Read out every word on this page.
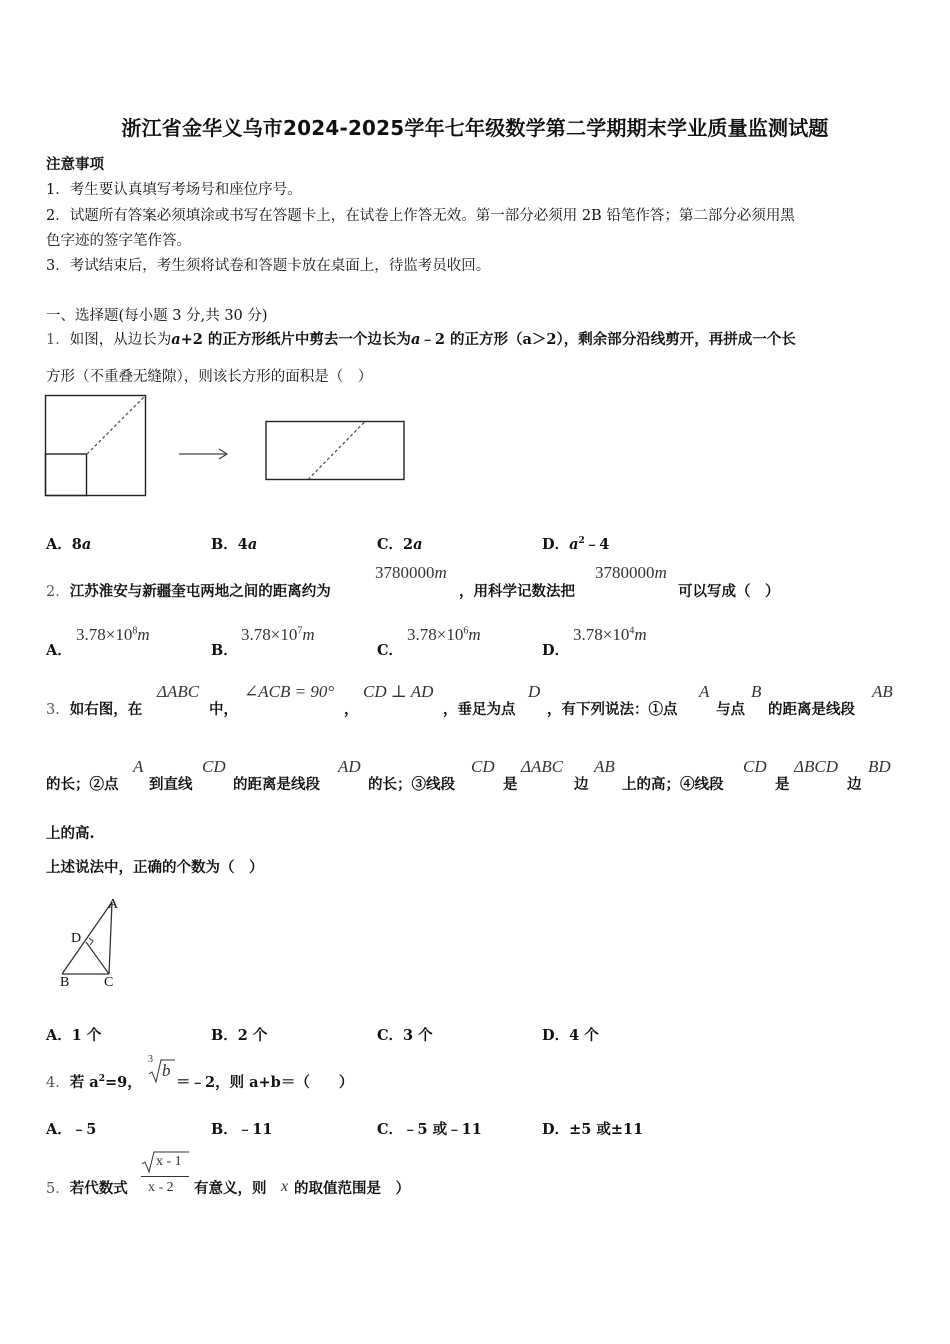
浙江省金华义乌市2024-2025学年七年级数学第二学期期末学业质量监测试题
注意事项
1．考生要认真填写考场号和座位序号。
2．试题所有答案必须填涂或书写在答题卡上，在试卷上作答无效。第一部分必须用 2B 铅笔作答；第二部分必须用黑
色字迹的签字笔作答。
3．考试结束后，考生须将试卷和答题卡放在桌面上，待监考员收回。
一、选择题(每小题 3 分,共 30 分)
1．如图，从边长为a+2 的正方形纸片中剪去一个边长为a﹣2 的正方形（a＞2），剩余部分沿线剪开，再拼成一个长
方形（不重叠无缝隙），则该长方形的面积是（　）
A．8a	B．4a	C．2a	D．$a^2﹣4$
2．江苏淮安与新疆奎屯两地之间的距离约为
3780000m
，用科学记数法把
3780000m
可以写成（　）
A．
$3.78\times 10^8m$
B．
$3.78\times 10^7m$
C．
$3.78\times 10^6m$
D．
$3.78\times 10^4m$
3．如右图，在
ΔABC
中，
∠ACB = 90°
，
CD ⊥ AD
，垂足为点
D
，有下列说法：①点
A
与点
B
的距离是线段
AB
的长；②点
A
到直线
CD
的距离是线段
AD
的长；③线段
CD
是
ΔABC
边
AB
上的高；④线段
CD
是
ΔBCD
边
BD
上的高.
上述说法中，正确的个数为（　）
A
D
B C
A．1 个	B．2 个	C．3 个	D．4 个
4．若 $a^2=9$，
3
b
＝﹣2，则 a+b＝（　　）
A．﹣5	B．﹣11	C．﹣5 或﹣11	D．±5 或±11
5．若代数式
x - 1
x - 2 有意义，则 x 的取值范围是　）
